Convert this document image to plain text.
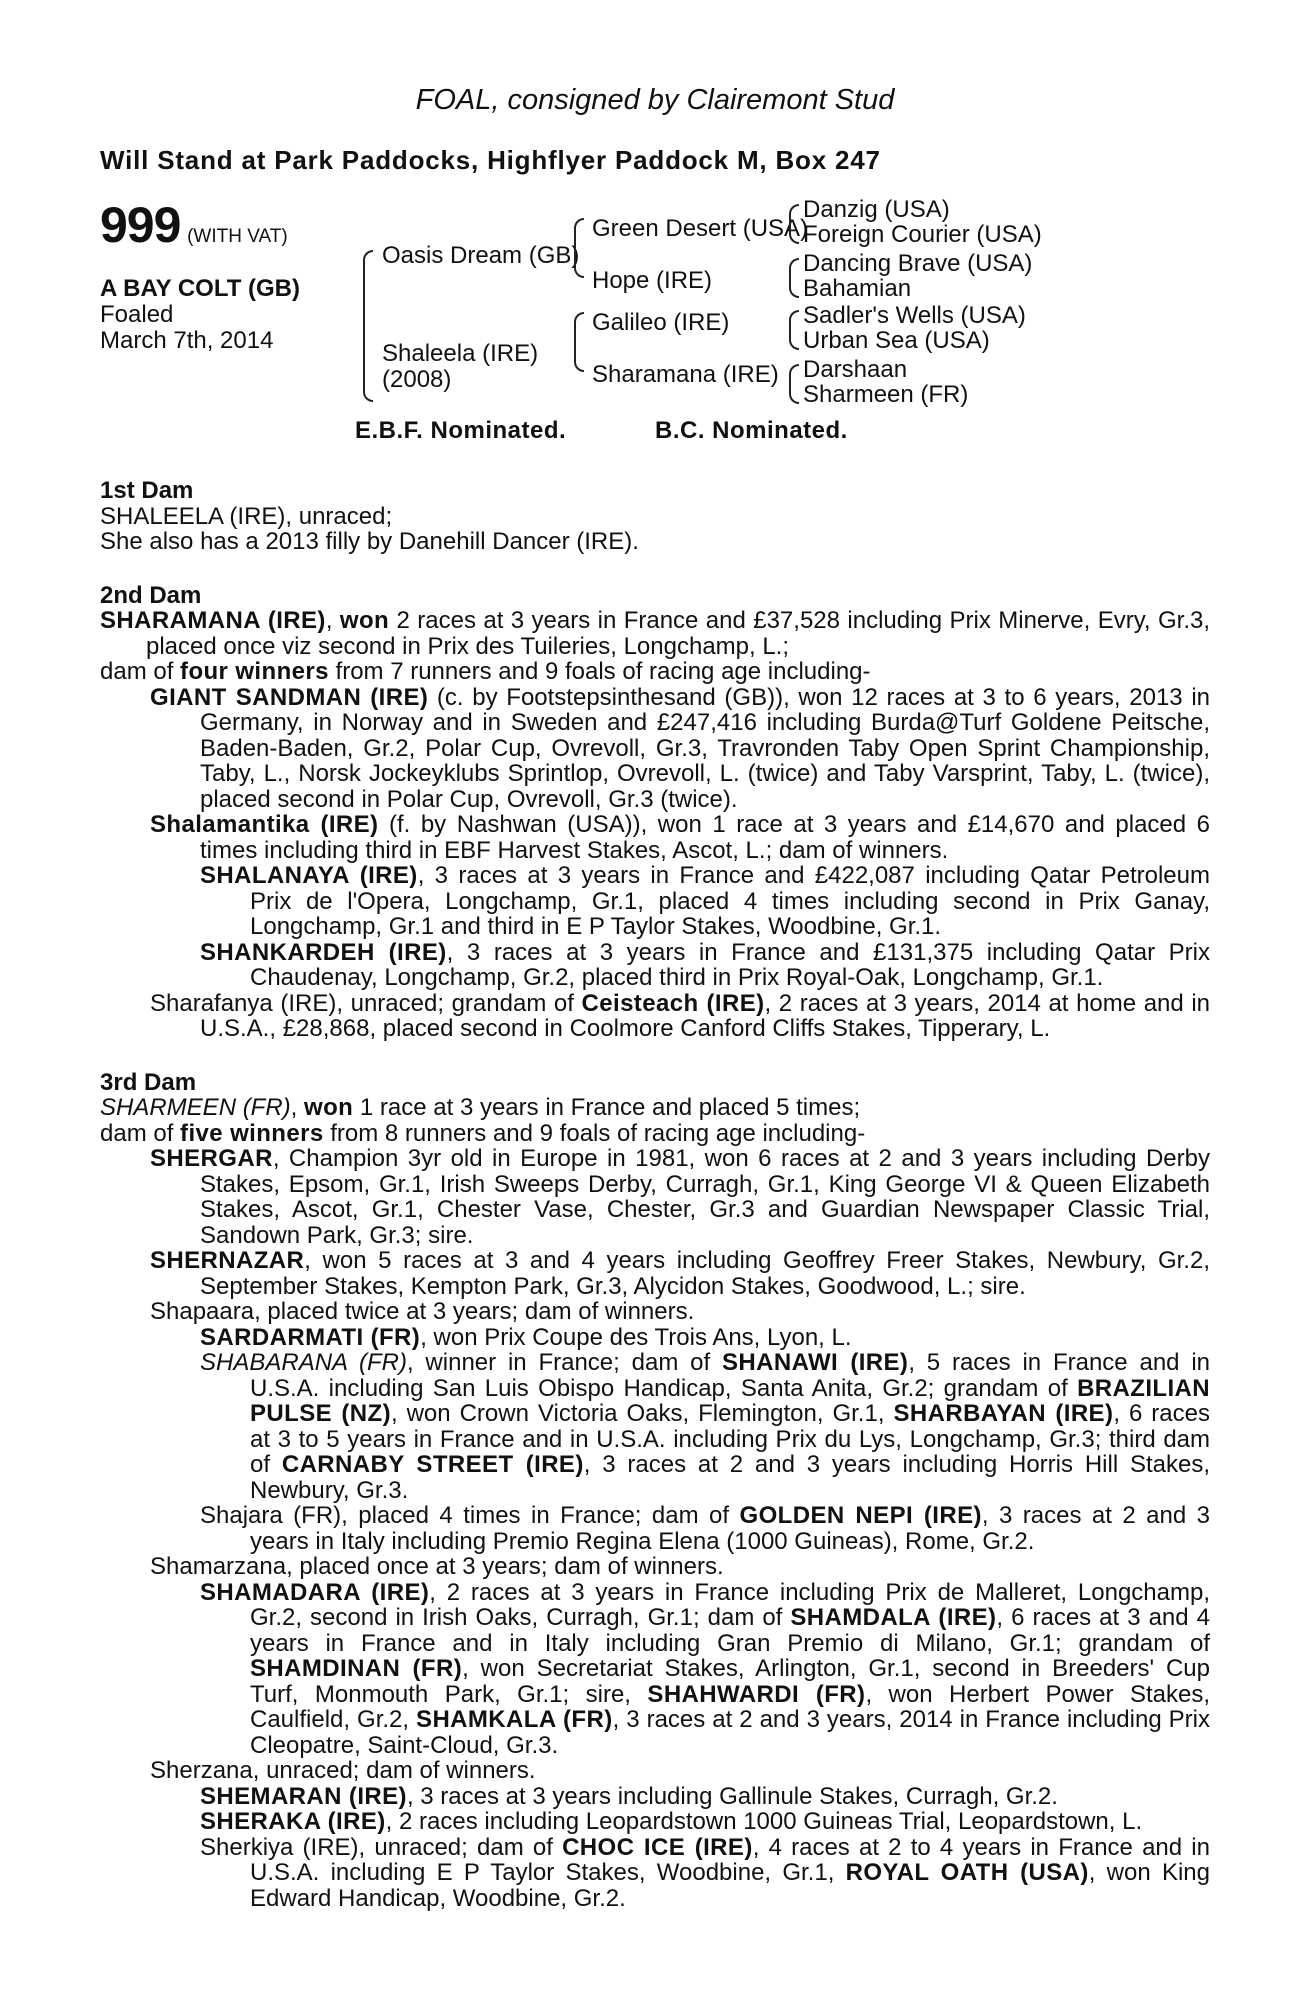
FOAL, consigned by Clairemont Stud
Will Stand at Park Paddocks, Highflyer Paddock M, Box 247
999 (WITH VAT)
A BAY COLT (GB)
Foaled
March 7th, 2014
Oasis Dream (GB)
Shaleela (IRE)
(2008)
Green Desert (USA)
Hope (IRE)
Galileo (IRE)
Sharamana (IRE)
Danzig (USA)
Foreign Courier (USA)
Dancing Brave (USA)
Bahamian
Sadler's Wells (USA)
Urban Sea (USA)
Darshaan
Sharmeen (FR)
E.B.F. Nominated.	B.C. Nominated.
1st Dam
SHALEELA (IRE), unraced;
She also has a 2013 filly by Danehill Dancer (IRE).
2nd Dam
SHARAMANA (IRE), won 2 races at 3 years in France and £37,528 including Prix Minerve, Evry, Gr.3, placed once viz second in Prix des Tuileries, Longchamp, L.;
dam of four winners from 7 runners and 9 foals of racing age including-
GIANT SANDMAN (IRE) (c. by Footstepsinthesand (GB)), won 12 races at 3 to 6 years, 2013 in Germany, in Norway and in Sweden and £247,416 including Burda@Turf Goldene Peitsche, Baden-Baden, Gr.2, Polar Cup, Ovrevoll, Gr.3, Travronden Taby Open Sprint Championship, Taby, L., Norsk Jockeyklubs Sprintlop, Ovrevoll, L. (twice) and Taby Varsprint, Taby, L. (twice), placed second in Polar Cup, Ovrevoll, Gr.3 (twice).
Shalamantika (IRE) (f. by Nashwan (USA)), won 1 race at 3 years and £14,670 and placed 6 times including third in EBF Harvest Stakes, Ascot, L.; dam of winners.
SHALANAYA (IRE), 3 races at 3 years in France and £422,087 including Qatar Petroleum Prix de l'Opera, Longchamp, Gr.1, placed 4 times including second in Prix Ganay, Longchamp, Gr.1 and third in E P Taylor Stakes, Woodbine, Gr.1.
SHANKARDEH (IRE), 3 races at 3 years in France and £131,375 including Qatar Prix Chaudenay, Longchamp, Gr.2, placed third in Prix Royal-Oak, Longchamp, Gr.1.
Sharafanya (IRE), unraced; grandam of Ceisteach (IRE), 2 races at 3 years, 2014 at home and in U.S.A., £28,868, placed second in Coolmore Canford Cliffs Stakes, Tipperary, L.
3rd Dam
SHARMEEN (FR), won 1 race at 3 years in France and placed 5 times;
dam of five winners from 8 runners and 9 foals of racing age including-
SHERGAR, Champion 3yr old in Europe in 1981, won 6 races at 2 and 3 years including Derby Stakes, Epsom, Gr.1, Irish Sweeps Derby, Curragh, Gr.1, King George VI & Queen Elizabeth Stakes, Ascot, Gr.1, Chester Vase, Chester, Gr.3 and Guardian Newspaper Classic Trial, Sandown Park, Gr.3; sire.
SHERNAZAR, won 5 races at 3 and 4 years including Geoffrey Freer Stakes, Newbury, Gr.2, September Stakes, Kempton Park, Gr.3, Alycidon Stakes, Goodwood, L.; sire.
Shapaara, placed twice at 3 years; dam of winners.
SARDARMATI (FR), won Prix Coupe des Trois Ans, Lyon, L.
SHABARANA (FR), winner in France; dam of SHANAWI (IRE), 5 races in France and in U.S.A. including San Luis Obispo Handicap, Santa Anita, Gr.2; grandam of BRAZILIAN PULSE (NZ), won Crown Victoria Oaks, Flemington, Gr.1, SHARBAYAN (IRE), 6 races at 3 to 5 years in France and in U.S.A. including Prix du Lys, Longchamp, Gr.3; third dam of CARNABY STREET (IRE), 3 races at 2 and 3 years including Horris Hill Stakes, Newbury, Gr.3.
Shajara (FR), placed 4 times in France; dam of GOLDEN NEPI (IRE), 3 races at 2 and 3 years in Italy including Premio Regina Elena (1000 Guineas), Rome, Gr.2.
Shamarzana, placed once at 3 years; dam of winners.
SHAMADARA (IRE), 2 races at 3 years in France including Prix de Malleret, Longchamp, Gr.2, second in Irish Oaks, Curragh, Gr.1; dam of SHAMDALA (IRE), 6 races at 3 and 4 years in France and in Italy including Gran Premio di Milano, Gr.1; grandam of SHAMDINAN (FR), won Secretariat Stakes, Arlington, Gr.1, second in Breeders' Cup Turf, Monmouth Park, Gr.1; sire, SHAHWARDI (FR), won Herbert Power Stakes, Caulfield, Gr.2, SHAMKALA (FR), 3 races at 2 and 3 years, 2014 in France including Prix Cleopatre, Saint-Cloud, Gr.3.
Sherzana, unraced; dam of winners.
SHEMARAN (IRE), 3 races at 3 years including Gallinule Stakes, Curragh, Gr.2.
SHERAKA (IRE), 2 races including Leopardstown 1000 Guineas Trial, Leopardstown, L.
Sherkiya (IRE), unraced; dam of CHOC ICE (IRE), 4 races at 2 to 4 years in France and in U.S.A. including E P Taylor Stakes, Woodbine, Gr.1, ROYAL OATH (USA), won King Edward Handicap, Woodbine, Gr.2.
